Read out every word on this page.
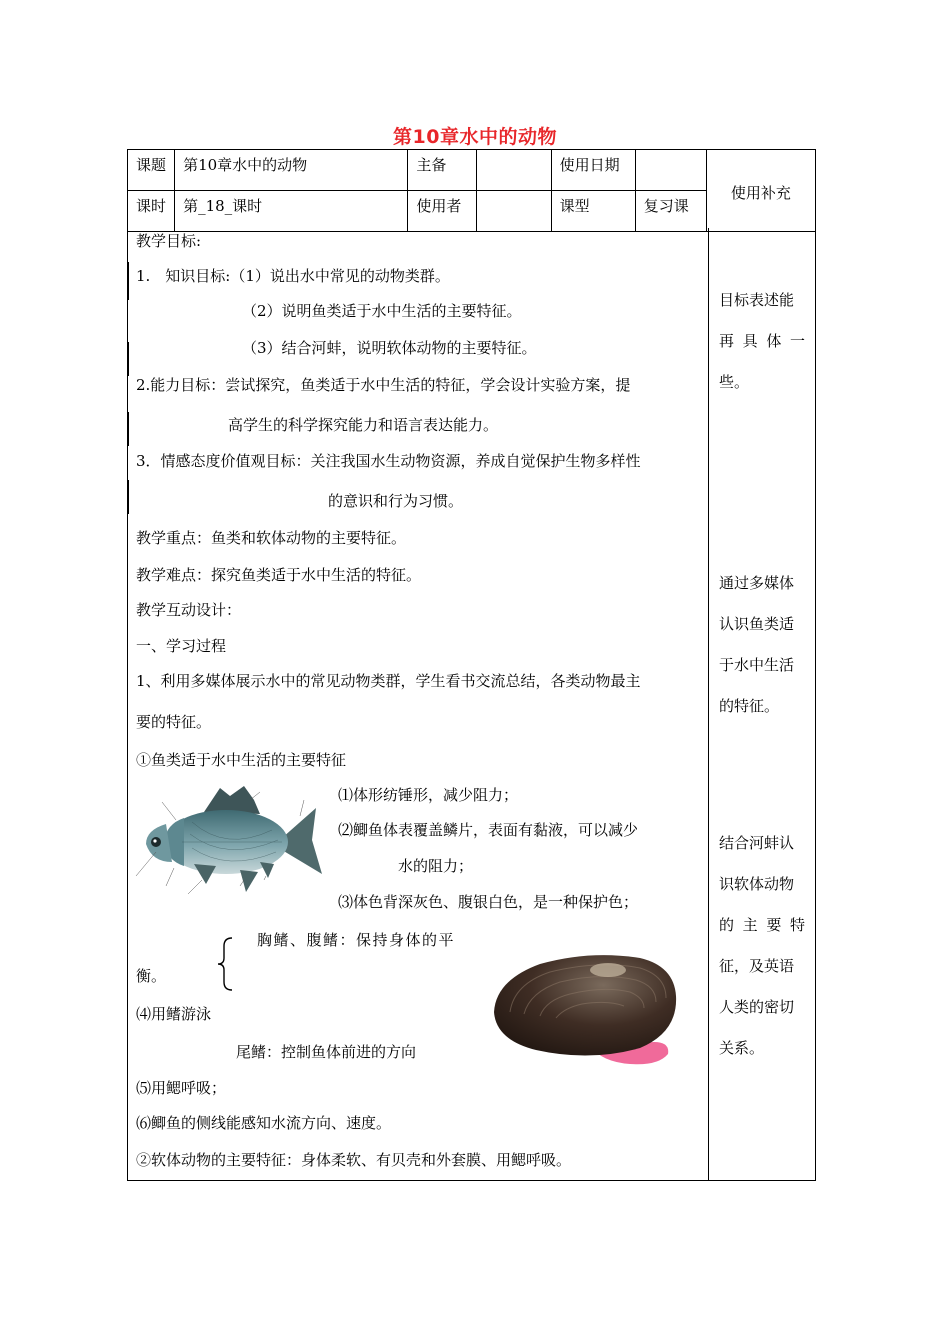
第10章水中的动物
课题	第10章水中的动物	主备		使用日期		使用补充
课时	第_18_课时	使用者		课型	复习课	
教学目标:
1.　知识目标:（1）说出水中常见的动物类群。
（2）说明鱼类适于水中生活的主要特征。
（3）结合河蚌，说明软体动物的主要特征。
2.能力目标：尝试探究，鱼类适于水中生活的特征，学会设计实验方案，提
高学生的科学探究能力和语言表达能力。
3．情感态度价值观目标：关注我国水生动物资源，养成自觉保护生物多样性
的意识和行为习惯。
教学重点：鱼类和软体动物的主要特征。
教学难点：探究鱼类适于水中生活的特征。
教学互动设计：
一、学习过程
1、利用多媒体展示水中的常见动物类群，学生看书交流总结，各类动物最主
要的特征。
①鱼类适于水中生活的主要特征
⑴体形纺锤形，减少阻力；
⑵鲫鱼体表覆盖鳞片，表面有黏液，可以减少
水的阻力；
⑶体色背深灰色、腹银白色，是一种保护色；
胸鳍、腹鳍：保持身体的平
衡。
⑷用鳍游泳
尾鳍：控制鱼体前进的方向
⑸用鳃呼吸；
⑹鲫鱼的侧线能感知水流方向、速度。
②软体动物的主要特征：身体柔软、有贝壳和外套膜、用鳃呼吸。
目标表述能
再 具 体 一
些。
通过多媒体
认识鱼类适
于水中生活
的特征。
结合河蚌认
识软体动物
的 主 要 特
征，及英语
人类的密切
关系。
